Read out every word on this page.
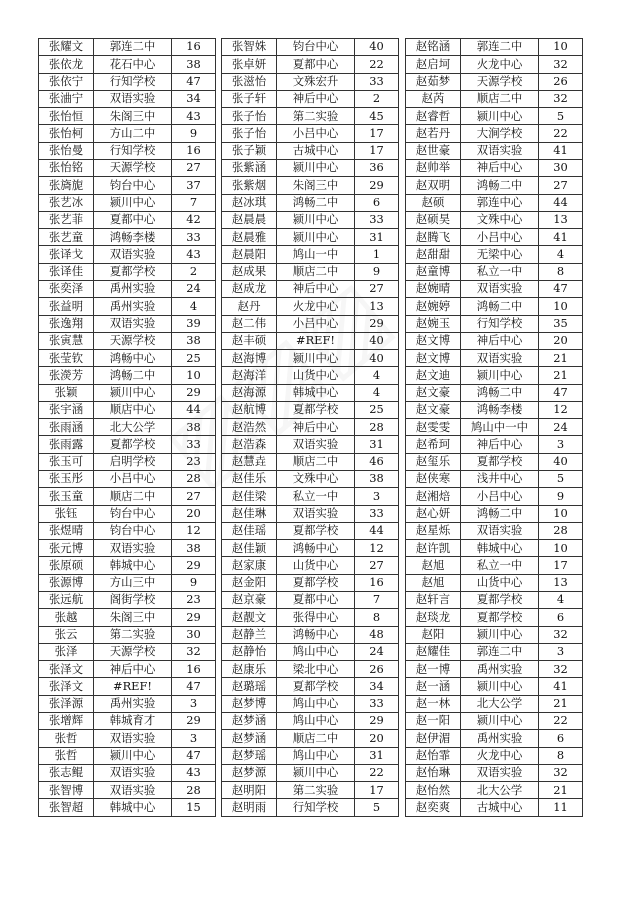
张耀文	郭连二中	16
张依龙	花石中心	38
张依宁	行知学校	47
张浀宁	双语实验	34
张怡恒	朱阁三中	43
张怡柯	方山二中	9
张怡曼	行知学校	16
张怡铭	天源学校	27
张旖旎	钧台中心	37
张艺冰	颍川中心	7
张艺菲	夏都中心	42
张艺童	鸿畅李楼	33
张译戈	双语实验	43
张译佳	夏都学校	2
张奕泽	禹州实验	24
张益明	禹州实验	4
张逸翔	双语实验	39
张寅慧	天源学校	38
张莹钦	鸿畅中心	25
张濙芳	鸿畅二中	10
张颖	颍川中心	29
张宇涵	顺店中心	44
张雨涵	北大公学	38
张雨露	夏都学校	33
张玉可	启明学校	23
张玉彤	小吕中心	28
张玉童	顺店二中	27
张钰	钧台中心	20
张煜晴	钧台中心	12
张元博	双语实验	38
张原硕	韩城中心	29
张源博	方山三中	9
张远航	阁街学校	23
张越	朱阁三中	29
张云	第二实验	30
张泽	天源学校	32
张泽文	神后中心	16
张泽文	#REF!	47
张泽源	禹州实验	3
张增辉	韩城育才	29
张哲	双语实验	3
张哲	颍川中心	47
张志鲲	双语实验	43
张智博	双语实验	28
张智超	韩城中心	15
张智姝	钧台中心	40
张卓妍	夏都中心	22
张滋怡	文殊宏升	33
张子轩	神后中心	2
张子怡	第二实验	45
张子怡	小吕中心	17
张子颖	古城中心	17
张紫涵	颍川中心	36
张紫烟	朱阁三中	29
赵冰琪	鸿畅二中	6
赵晨晨	颍川中心	33
赵晨雅	颍川中心	31
赵晨阳	鸠山一中	1
赵成果	顺店二中	9
赵成龙	神后中心	27
赵丹	火龙中心	13
赵二伟	小吕中心	29
赵丰硕	#REF!	40
赵海博	颍川中心	40
赵海洋	山货中心	4
赵海源	韩城中心	4
赵航博	夏都学校	25
赵浩然	神后中心	28
赵浩森	双语实验	31
赵慧垚	顺店二中	46
赵佳乐	文殊中心	38
赵佳梁	私立一中	3
赵佳琳	双语实验	33
赵佳瑶	夏都学校	44
赵佳颖	鸿畅中心	12
赵家康	山货中心	27
赵金阳	夏都学校	16
赵京豪	夏都中心	7
赵靓文	张得中心	8
赵静兰	鸿畅中心	48
赵静怡	鸠山中心	24
赵康乐	梁北中心	26
赵璐瑶	夏都学校	34
赵梦博	鸠山中心	33
赵梦涵	鸠山中心	29
赵梦涵	顺店二中	20
赵梦瑶	鸠山中心	31
赵梦源	颍川中心	22
赵明阳	第二实验	17
赵明雨	行知学校	5
赵铭涵	郭连二中	10
赵启坷	火龙中心	32
赵茹梦	天源学校	26
赵芮	顺店二中	32
赵睿哲	颍川中心	5
赵若丹	大涧学校	22
赵世豪	双语实验	41
赵帅举	神后中心	30
赵双明	鸿畅二中	27
赵硕	郭连中心	44
赵硕昊	文殊中心	13
赵腾飞	小吕中心	41
赵甜甜	无梁中心	4
赵童博	私立一中	8
赵婉晴	双语实验	47
赵婉婷	鸿畅二中	10
赵婉玉	行知学校	35
赵文博	神后中心	20
赵文博	双语实验	21
赵文迪	颍川中心	21
赵文豪	鸿畅二中	47
赵文豪	鸿畅李楼	12
赵雯雯	鸠山中一中	24
赵希珂	神后中心	3
赵玺乐	夏都学校	40
赵侠寒	浅井中心	5
赵湘焙	小吕中心	9
赵心妍	鸿畅二中	10
赵星烁	双语实验	28
赵许凯	韩城中心	10
赵旭	私立一中	17
赵旭	山货中心	13
赵轩言	夏都学校	4
赵琰龙	夏都学校	6
赵阳	颍川中心	32
赵耀佳	郭连二中	3
赵一博	禹州实验	32
赵一涵	颍川中心	41
赵一林	北大公学	21
赵一阳	颍川中心	22
赵伊湄	禹州实验	6
赵怡霏	火龙中心	8
赵怡琳	双语实验	32
赵怡然	北大公学	21
赵奕爽	古城中心	11
